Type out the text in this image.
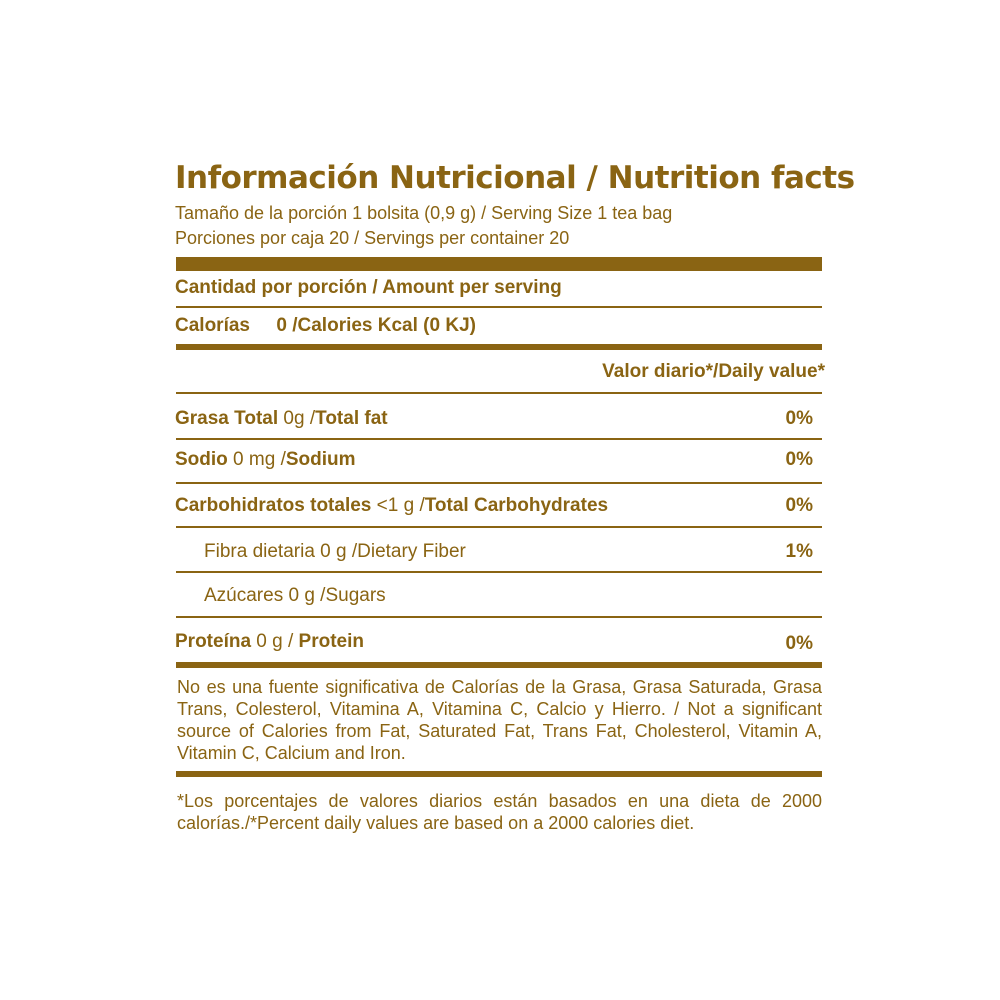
Información Nutricional / Nutrition facts
Tamaño de la porción 1 bolsita (0,9 g) / Serving Size 1 tea bag
Porciones por caja 20 / Servings per container 20
Cantidad por porción / Amount per serving
Calorías 0 /Calories Kcal (0 KJ)
Valor diario*/Daily value*
Grasa Total 0g /Total fat	0%
Sodio 0 mg /Sodium	0%
Carbohidratos totales <1 g /Total Carbohydrates	0%
Fibra dietaria 0 g /Dietary Fiber	1%
Azúcares 0 g /Sugars
Proteína 0 g / Protein	0%
No es una fuente significativa de Calorías de la Grasa, Grasa Saturada, Grasa Trans, Colesterol, Vitamina A, Vitamina C, Calcio y Hierro. / Not a significant source of Calories from Fat, Saturated Fat, Trans Fat, Cholesterol, Vitamin A, Vitamin C, Calcium and Iron.
*Los porcentajes de valores diarios están basados en una dieta de 2000 calorías./*Percent daily values are based on a 2000 calories diet.
